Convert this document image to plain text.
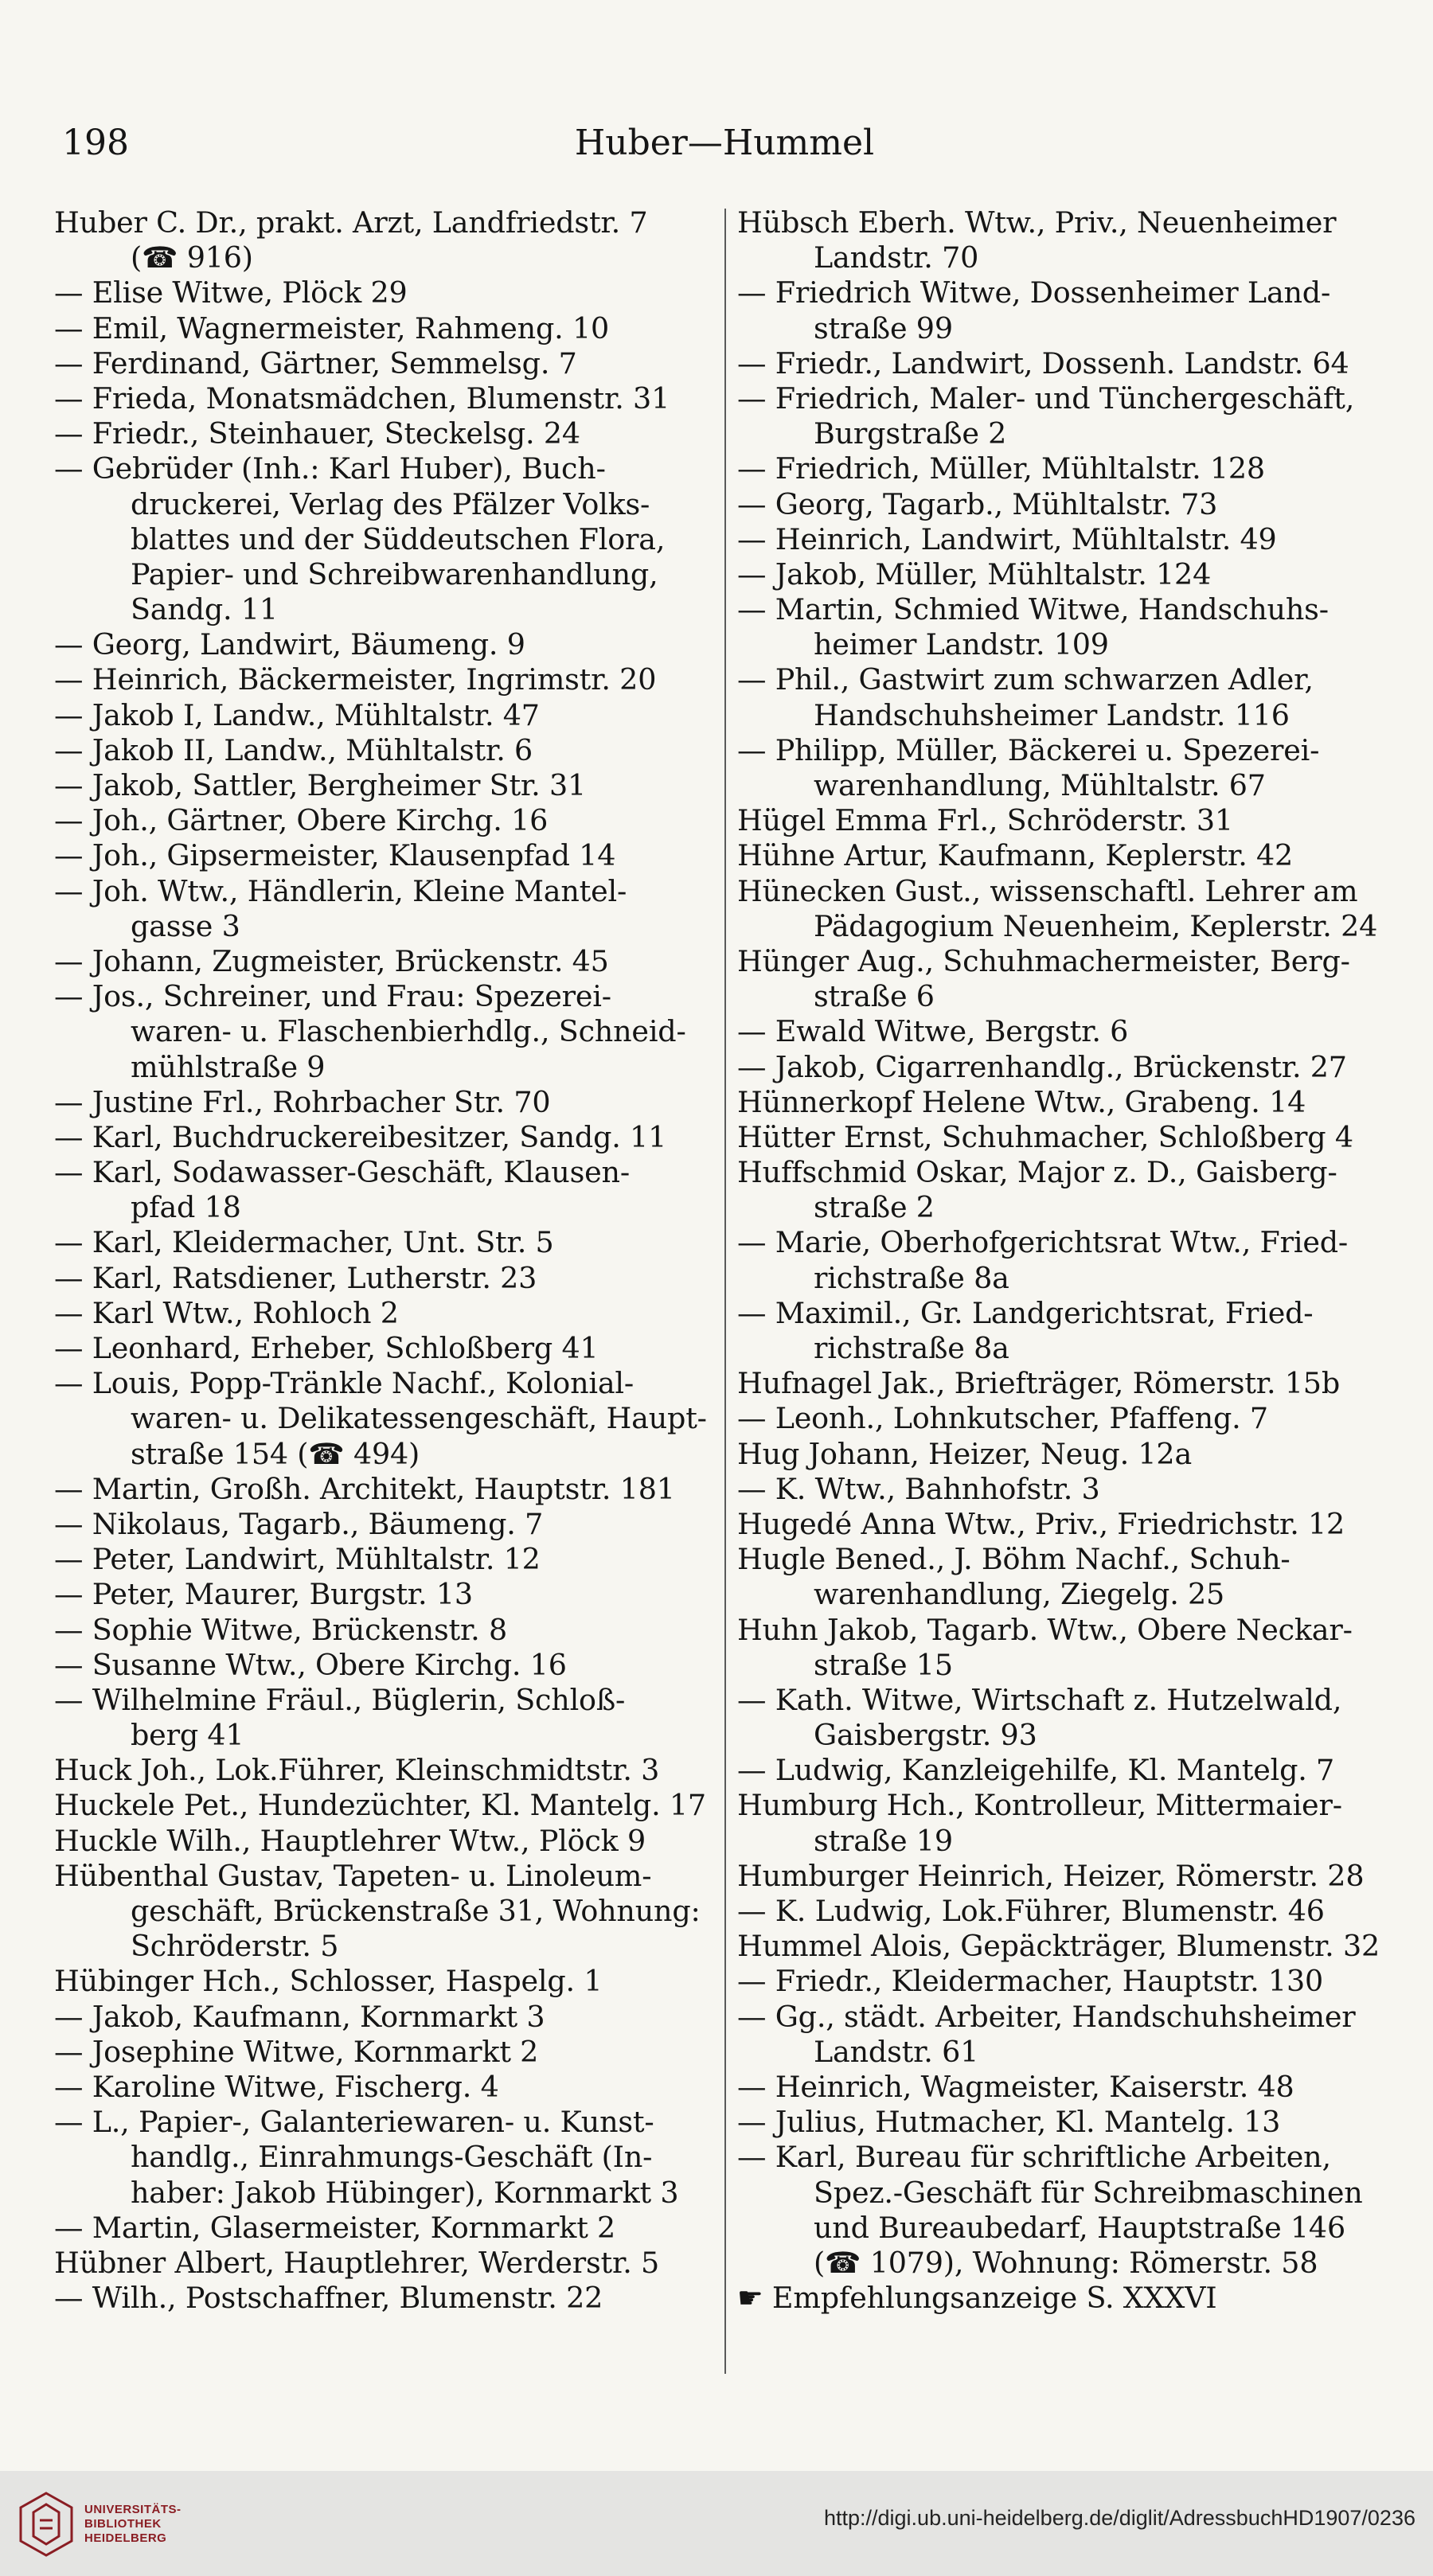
198	Huber—Hummel
Huber C. Dr., prakt. Arzt, Landfriedstr. 7
(☎ 916)
— Elise Witwe, Plöck 29
— Emil, Wagnermeister, Rahmeng. 10
— Ferdinand, Gärtner, Semmelsg. 7
— Frieda, Monatsmädchen, Blumenstr. 31
— Friedr., Steinhauer, Steckelsg. 24
— Gebrüder (Inh.: Karl Huber), Buch-
druckerei, Verlag des Pfälzer Volks-
blattes und der Süddeutschen Flora,
Papier- und Schreibwarenhandlung,
Sandg. 11
— Georg, Landwirt, Bäumeng. 9
— Heinrich, Bäckermeister, Ingrimstr. 20
— Jakob I, Landw., Mühltalstr. 47
— Jakob II, Landw., Mühltalstr. 6
— Jakob, Sattler, Bergheimer Str. 31
— Joh., Gärtner, Obere Kirchg. 16
— Joh., Gipsermeister, Klausenpfad 14
— Joh. Wtw., Händlerin, Kleine Mantel-
gasse 3
— Johann, Zugmeister, Brückenstr. 45
— Jos., Schreiner, und Frau: Spezerei-
waren- u. Flaschenbierhdlg., Schneid-
mühlstraße 9
— Justine Frl., Rohrbacher Str. 70
— Karl, Buchdruckereibesitzer, Sandg. 11
— Karl, Sodawasser-Geschäft, Klausen-
pfad 18
— Karl, Kleidermacher, Unt. Str. 5
— Karl, Ratsdiener, Lutherstr. 23
— Karl Wtw., Rohloch 2
— Leonhard, Erheber, Schloßberg 41
— Louis, Popp-Tränkle Nachf., Kolonial-
waren- u. Delikatessengeschäft, Haupt-
straße 154 (☎ 494)
— Martin, Großh. Architekt, Hauptstr. 181
— Nikolaus, Tagarb., Bäumeng. 7
— Peter, Landwirt, Mühltalstr. 12
— Peter, Maurer, Burgstr. 13
— Sophie Witwe, Brückenstr. 8
— Susanne Wtw., Obere Kirchg. 16
— Wilhelmine Fräul., Büglerin, Schloß-
berg 41
Huck Joh., Lok.Führer, Kleinschmidtstr. 3
Huckele Pet., Hundezüchter, Kl. Mantelg. 17
Huckle Wilh., Hauptlehrer Wtw., Plöck 9
Hübenthal Gustav, Tapeten- u. Linoleum-
geschäft, Brückenstraße 31, Wohnung:
Schröderstr. 5
Hübinger Hch., Schlosser, Haspelg. 1
— Jakob, Kaufmann, Kornmarkt 3
— Josephine Witwe, Kornmarkt 2
— Karoline Witwe, Fischerg. 4
— L., Papier-, Galanteriewaren- u. Kunst-
handlg., Einrahmungs-Geschäft (In-
haber: Jakob Hübinger), Kornmarkt 3
— Martin, Glasermeister, Kornmarkt 2
Hübner Albert, Hauptlehrer, Werderstr. 5
— Wilh., Postschaffner, Blumenstr. 22
Hübsch Eberh. Wtw., Priv., Neuenheimer
Landstr. 70
— Friedrich Witwe, Dossenheimer Land-
straße 99
— Friedr., Landwirt, Dossenh. Landstr. 64
— Friedrich, Maler- und Tünchergeschäft,
Burgstraße 2
— Friedrich, Müller, Mühltalstr. 128
— Georg, Tagarb., Mühltalstr. 73
— Heinrich, Landwirt, Mühltalstr. 49
— Jakob, Müller, Mühltalstr. 124
— Martin, Schmied Witwe, Handschuhs-
heimer Landstr. 109
— Phil., Gastwirt zum schwarzen Adler,
Handschuhsheimer Landstr. 116
— Philipp, Müller, Bäckerei u. Spezerei-
warenhandlung, Mühltalstr. 67
Hügel Emma Frl., Schröderstr. 31
Hühne Artur, Kaufmann, Keplerstr. 42
Hünecken Gust., wissenschaftl. Lehrer am
Pädagogium Neuenheim, Keplerstr. 24
Hünger Aug., Schuhmachermeister, Berg-
straße 6
— Ewald Witwe, Bergstr. 6
— Jakob, Cigarrenhandlg., Brückenstr. 27
Hünnerkopf Helene Wtw., Grabeng. 14
Hütter Ernst, Schuhmacher, Schloßberg 4
Huffschmid Oskar, Major z. D., Gaisberg-
straße 2
— Marie, Oberhofgerichtsrat Wtw., Fried-
richstraße 8a
— Maximil., Gr. Landgerichtsrat, Fried-
richstraße 8a
Hufnagel Jak., Briefträger, Römerstr. 15b
— Leonh., Lohnkutscher, Pfaffeng. 7
Hug Johann, Heizer, Neug. 12a
— K. Wtw., Bahnhofstr. 3
Hugedé Anna Wtw., Priv., Friedrichstr. 12
Hugle Bened., J. Böhm Nachf., Schuh-
warenhandlung, Ziegelg. 25
Huhn Jakob, Tagarb. Wtw., Obere Neckar-
straße 15
— Kath. Witwe, Wirtschaft z. Hutzelwald,
Gaisbergstr. 93
— Ludwig, Kanzleigehilfe, Kl. Mantelg. 7
Humburg Hch., Kontrolleur, Mittermaier-
straße 19
Humburger Heinrich, Heizer, Römerstr. 28
— K. Ludwig, Lok.Führer, Blumenstr. 46
Hummel Alois, Gepäckträger, Blumenstr. 32
— Friedr., Kleidermacher, Hauptstr. 130
— Gg., städt. Arbeiter, Handschuhsheimer
Landstr. 61
— Heinrich, Wagmeister, Kaiserstr. 48
— Julius, Hutmacher, Kl. Mantelg. 13
— Karl, Bureau für schriftliche Arbeiten,
Spez.-Geschäft für Schreibmaschinen
und Bureaubedarf, Hauptstraße 146
(☎ 1079), Wohnung: Römerstr. 58
☛ Empfehlungsanzeige S. XXXVI
UNIVERSITÄTS-
BIBLIOTHEK
HEIDELBERG
http://digi.ub.uni-heidelberg.de/diglit/AdressbuchHD1907/0236
